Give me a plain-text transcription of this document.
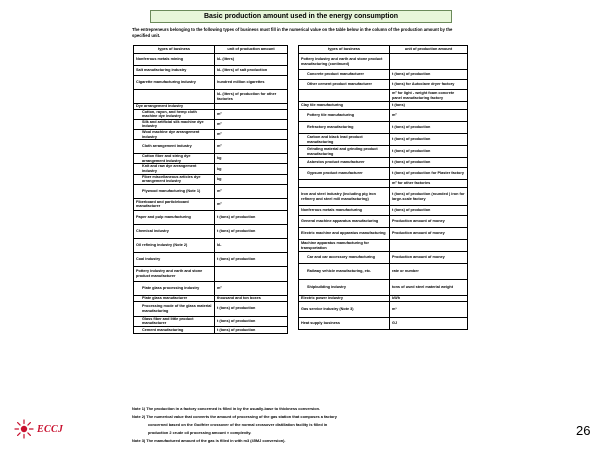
Basic production amount used in the energy consumption
The entrepreneurs belonging to the following types of business must fill in the numerical value on the table below in the column of the production amount by the specified unit.
types of business	unit of production amount
Nonferrous metals mining	kL (liters)
Salt manufacturing industry	kL (liters) of salt production
Cigarette manufacturing industry	hundred million cigarettes
	kL (liters) of production for other factories
Dye arrangement industry	
Cotton, rayon, and hemp cloth machine dye industry	m²
Silk and artificial silk machine dye industry	m²
Wool machine dye arrangement industry	m²
Cloth arrangement industry	m²
Cotton fiber and string dye arrangement industry	kg
Knit and raw dye arrangement industry	kg
Fiber miscellaneous articles dye arrangement industry	kg
Plywood manufacturing (Note 1)	m²
Fiberboard and particleboard manufacturer	m²
Paper and pulp manufacturing	t (tons) of production
Chemical industry	t (tons) of production
Oil refining industry (Note 2)	kL
Coal industry	t (tons) of production
Pottery industry and earth and stone product manufacturer	
Plate glass processing industry	m²
Plate glass manufacturer	thousand and ton boxes
Processing mode of the glass material manufacturing	t (tons) of production
Glass fiber and little product manufacturer	t (tons) of production
Cement manufacturing	t (tons) of production
types of business	unit of production amount
Pottery industry and earth and stone product manufacturing (continued)	
Concrete product manufacturer	t (tons) of production
Other cement product manufacturer	t (tons) for Autoclave dryer factory
	m² for light - weight foam concrete panel manufacturing factory
Clay tile manufacturing	t (tons)
Pottery tile manufacturing	m²
Refractory manufacturing	t (tons) of production
Carbon and black lead product manufacturing	t (tons) of production
Grinding material and grinding product manufacturing	t (tons) of production
Asbestos product manufacturer	t (tons) of production
Gypsum product manufacturer	t (tons) of production for Plaster factory
	m² for other factories
Iron and steel industry (including pig iron refinery and steel mill manufacturing)	t (tons) of production (rounded ) iron for large-scale factory
Nonferrous metals manufacturing	t (tons) of production
General machine apparatus manufacturing	Production amount of money
Electric machine and apparatus manufacturing	Production amount of money
Machine apparatus manufacturing for transportation	
Car and car accessory manufacturing	Production amount of money
Railway vehicle manufacturing, etc.	rate or number
Shipbuilding industry	tons of used steel material weight
Electric power industry	kWh
Gas service industry (Note 3)	m³
Heat supply business	GJ
Note 1) The production in a factory concerned is filled in by the usually-base to thickness conversion.
Note 2) The numerical value that converts the amount of processing of the gas station that composes a factory
concerned based on the Godfrier crossover of the normal crossover distillation facility is filled in
production 2 crude oil processing amount × complexity.
Note 3) The manufactured amount of the gas is filled in with m3 (45MJ conversion).
ECCJ	26
